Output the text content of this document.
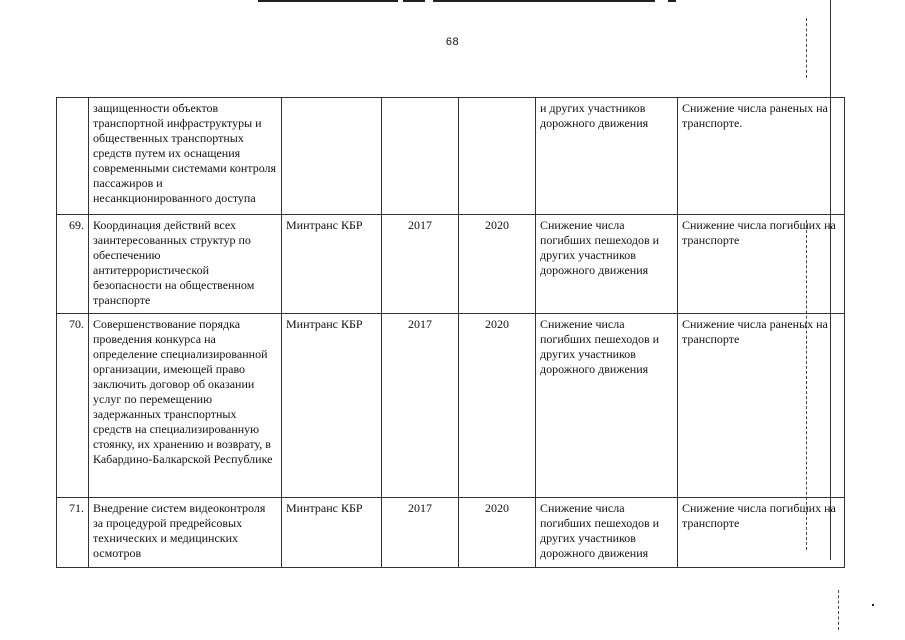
68
	защищенности объектов транспортной инфраструктуры и общественных транспортных средств путем их оснащения современными системами контроля пассажиров и несанкционированного доступа				и других участников дорожного движения	Снижение числа раненых на транспорте.
69.	Координация действий всех заинтересованных структур по обеспечению антитеррористической безопасности на общественном транспорте	Минтранс КБР	2017	2020	Снижение числа погибших пешеходов и других участников дорожного движения	Снижение числа погибших на транспорте
70.	Совершенствование порядка проведения конкурса на определение специализированной организации, имеющей право заключить договор об оказании услуг по перемещению задержанных транспортных средств на специализированную стоянку, их хранению и возврату, в Кабардино-Балкарской Республике	Минтранс КБР	2017	2020	Снижение числа погибших пешеходов и других участников дорожного движения	Снижение числа раненых на транспорте
71.	Внедрение систем видеоконтроля за процедурой предрейсовых технических и медицинских осмотров	Минтранс КБР	2017	2020	Снижение числа погибших пешеходов и других участников дорожного движения	Снижение числа погибших на транспорте
